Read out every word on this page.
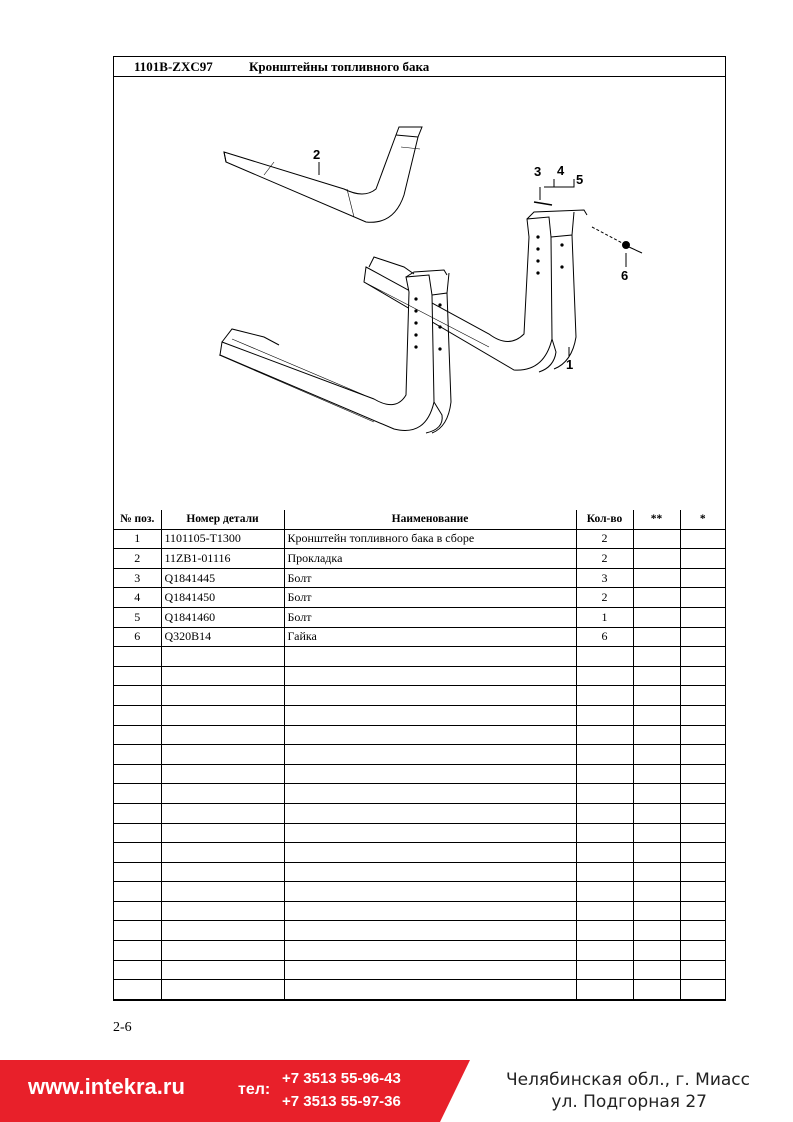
1101B-ZXC97	Кронштейны топливного бака
1
2
3 4
5
6
№ поз.	Номер детали	Наименование	Кол-во	**	*
1	1101105-T1300	Кронштейн топливного бака в сборе	2		
2	11ZB1-01116	Прокладка	2		
3	Q1841445	Болт	3		
4	Q1841450	Болт	2		
5	Q1841460	Болт	1		
6	Q320B14	Гайка	6		

2-6
www.intekra.ru	тел:
+7 3513 55-96-43
+7 3513 55-97-36
Челябинская обл., г. Миасс
ул. Подгорная 27
